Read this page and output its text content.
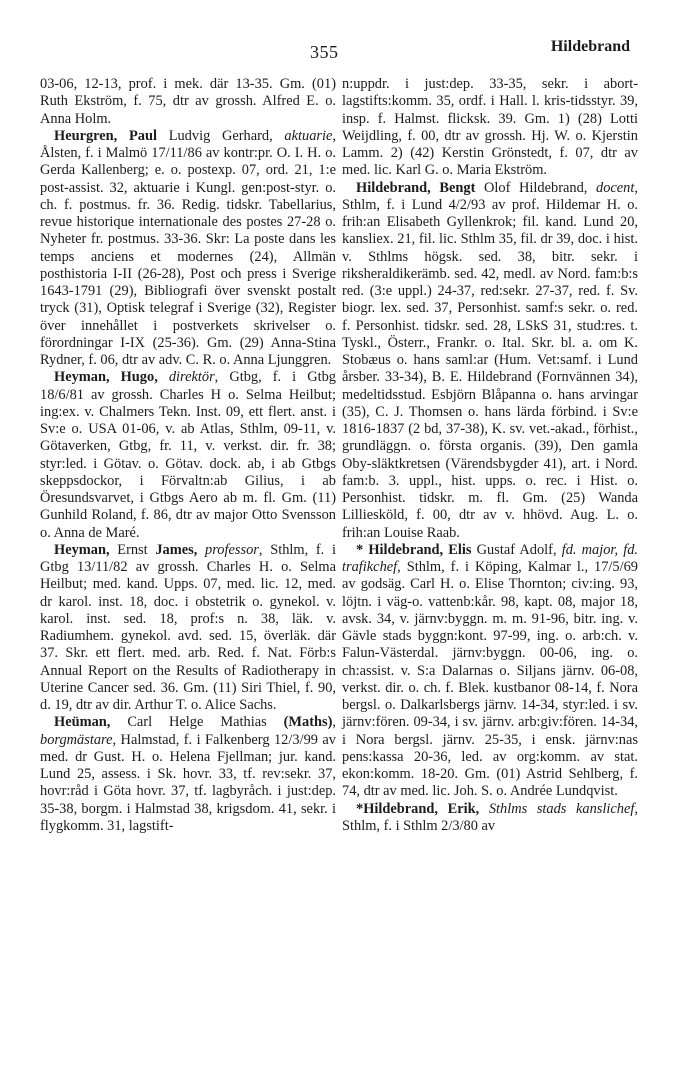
355	Hildebrand

03-06, 12-13, prof. i mek. där 13-35. Gm. (01) Ruth Ekström, f. 75, dtr av grossh. Alfred E. o. Anna Holm.

Heurgren, Paul Ludvig Gerhard, aktuarie, Ålsten, f. i Malmö 17/11/86 av kontr:pr. O. I. H. o. Gerda Kallenberg; e. o. postexp. 07, ord. 21, 1:e post-assist. 32, aktuarie i Kungl. gen:post-styr. o. ch. f. postmus. fr. 36. Redig. tidskr. Tabellarius, revue historique internationale des postes 27-28 o. Nyheter fr. postmus. 33-36. Skr: La poste dans les temps anciens et modernes (24), Allmän posthistoria I-II (26-28), Post och press i Sverige 1643-1791 (29), Bibliografi över svenskt postalt tryck (31), Optisk telegraf i Sverige (32), Register över innehållet i postverkets skrivelser o. förordningar I-IX (25-36). Gm. (29) Anna-Stina Rydner, f. 06, dtr av adv. C. R. o. Anna Ljunggren.

Heyman, Hugo, direktör, Gtbg, f. i Gtbg 18/6/81 av grossh. Charles H o. Selma Heilbut; ing:ex. v. Chalmers Tekn. Inst. 09, ett flert. anst. i Sv:e o. USA 01-06, v. ab Atlas, Sthlm, 09-11, v. Götaverken, Gtbg, fr. 11, v. verkst. dir. fr. 38; styr:led. i Götav. o. Götav. dock. ab, i ab Gtbgs skeppsdockor, i Förvaltn:ab Gilius, i ab Öresundsvarvet, i Gtbgs Aero ab m. fl. Gm. (11) Gunhild Roland, f. 86, dtr av major Otto Svensson o. Anna de Maré.

Heyman, Ernst James, professor, Sthlm, f. i Gtbg 13/11/82 av grossh. Charles H. o. Selma Heilbut; med. kand. Upps. 07, med. lic. 12, med. dr karol. inst. 18, doc. i obstetrik o. gynekol. v. karol. inst. sed. 18, prof:s n. 38, läk. v. Radiumhem. gynekol. avd. sed. 15, överläk. där 37. Skr. ett flert. med. arb. Red. f. Nat. Förb:s Annual Report on the Results of Radiotherapy in Uterine Cancer sed. 36. Gm. (11) Siri Thiel, f. 90, d. 19, dtr av dir. Arthur T. o. Alice Sachs.

Heüman, Carl Helge Mathias (Maths), borgmästare, Halmstad, f. i Falkenberg 12/3/99 av med. dr Gust. H. o. Helena Fjellman; jur. kand. Lund 25, assess. i Sk. hovr. 33, tf. rev:sekr. 37, hovr:råd i Göta hovr. 37, tf. lagbyråch. i just:dep. 35-38, borgm. i Halmstad 38, krigsdom. 41, sekr. i flygkomm. 31, lagstift-

n:uppdr. i just:dep. 33-35, sekr. i abort-lagstifts:komm. 35, ordf. i Hall. l. kris-tidsstyr. 39, insp. f. Halmst. flicksk. 39. Gm. 1) (28) Lotti Weijdling, f. 00, dtr av grossh. Hj. W. o. Kjerstin Lamm. 2) (42) Kerstin Grönstedt, f. 07, dtr av med. lic. Karl G. o. Maria Ekström.

Hildebrand, Bengt Olof Hildebrand, docent, Sthlm, f. i Lund 4/2/93 av prof. Hildemar H. o. frih:an Elisabeth Gyllenkrok; fil. kand. Lund 20, kansliex. 21, fil. lic. Sthlm 35, fil. dr 39, doc. i hist. v. Sthlms högsk. sed. 38, bitr. sekr. i riksheraldikerämb. sed. 42, medl. av Nord. fam:b:s red. (3:e uppl.) 24-37, red:sekr. 27-37, red. f. Sv. biogr. lex. sed. 37, Personhist. samf:s sekr. o. red. f. Personhist. tidskr. sed. 28, LSkS 31, stud:res. t. Tyskl., Österr., Frankr. o. Ital. Skr. bl. a. om K. Stobæus o. hans saml:ar (Hum. Vet:samf. i Lund årsber. 33-34), B. E. Hildebrand (Fornvännen 34), medeltidsstud. Esbjörn Blåpanna o. hans arvingar (35), C. J. Thomsen o. hans lärda förbind. i Sv:e 1816-1837 (2 bd, 37-38), K. sv. vet.-akad., förhist., grundläggn. o. första organis. (39), Den gamla Oby-släktkretsen (Värendsbygder 41), art. i Nord. fam:b. 3. uppl., hist. upps. o. rec. i Hist. o. Personhist. tidskr. m. fl. Gm. (25) Wanda Lilliesköld, f. 00, dtr av v. hhövd. Aug. L. o. frih:an Louise Raab.

* Hildebrand, Elis Gustaf Adolf, fd. major, fd. trafikchef, Sthlm, f. i Köping, Kalmar l., 17/5/69 av godsäg. Carl H. o. Elise Thornton; civ:ing. 93, löjtn. i väg-o. vattenb:kår. 98, kapt. 08, major 18, avsk. 34, v. järnv:byggn. m. m. 91-96, bitr. ing. v. Gävle stads byggn:kont. 97-99, ing. o. arb:ch. v. Falun-Västerdal. järnv:byggn. 00-06, ing. o. ch:assist. v. S:a Dalarnas o. Siljans järnv. 06-08, verkst. dir. o. ch. f. Blek. kustbanor 08-14, f. Nora bergsl. o. Dalkarlsbergs järnv. 14-34, styr:led. i sv. järnv:fören. 09-34, i sv. järnv. arb:giv:fören. 14-34, i Nora bergsl. järnv. 25-35, i ensk. järnv:nas pens:kassa 20-36, led. av org:komm. av stat. ekon:komm. 18-20. Gm. (01) Astrid Sehlberg, f. 74, dtr av med. lic. Joh. S. o. Andrée Lundqvist.

*Hildebrand, Erik, Sthlms stads kanslichef, Sthlm, f. i Sthlm 2/3/80 av
